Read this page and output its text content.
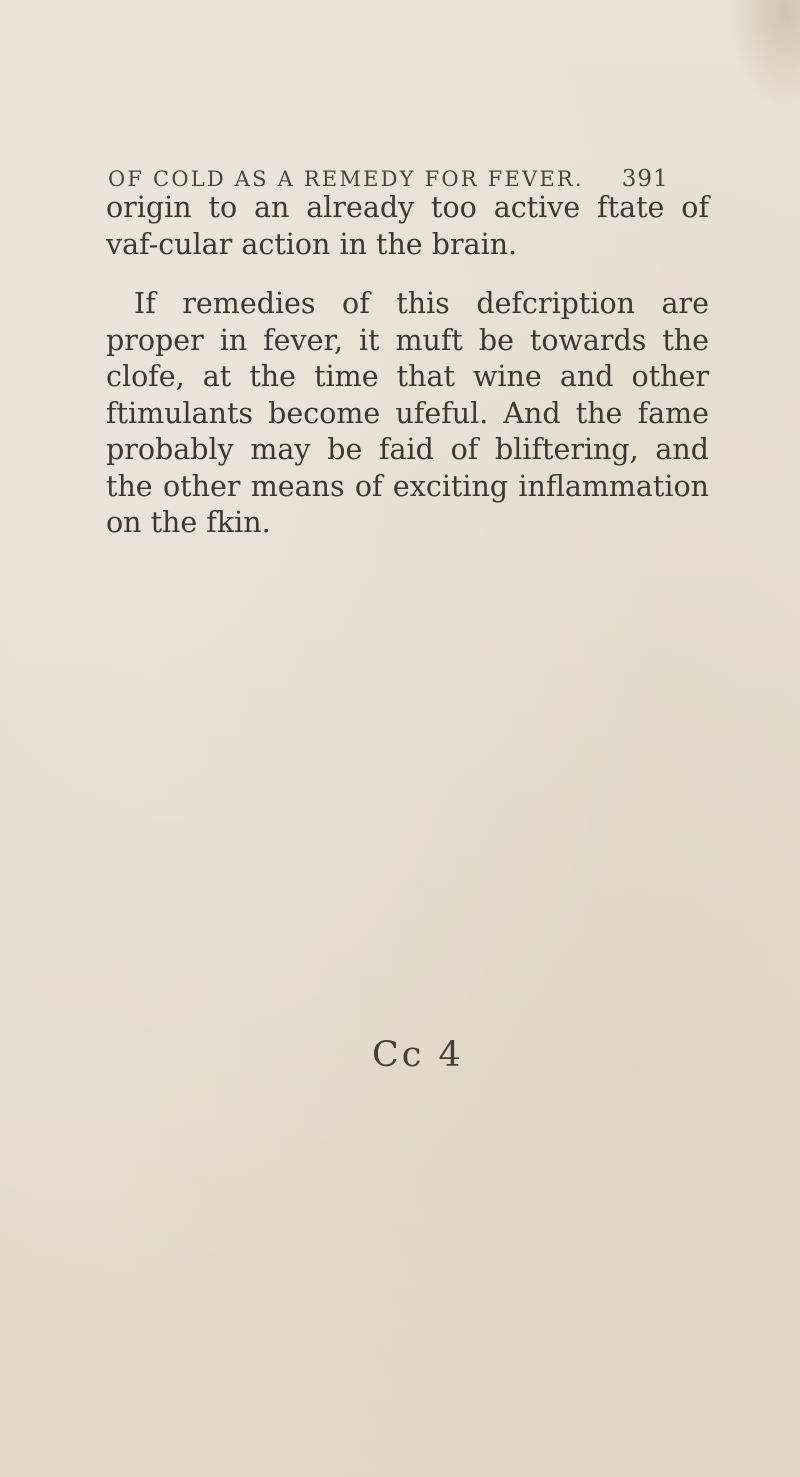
OF COLD AS A REMEDY FOR FEVER. 391

origin to an already too active ftate of vaf-cular action in the brain.

If remedies of this defcription are proper in fever, it muft be towards the clofe, at the time that wine and other ftimulants become ufeful. And the fame probably may be faid of bliftering, and the other means of exciting inflammation on the fkin.

Cc 4
